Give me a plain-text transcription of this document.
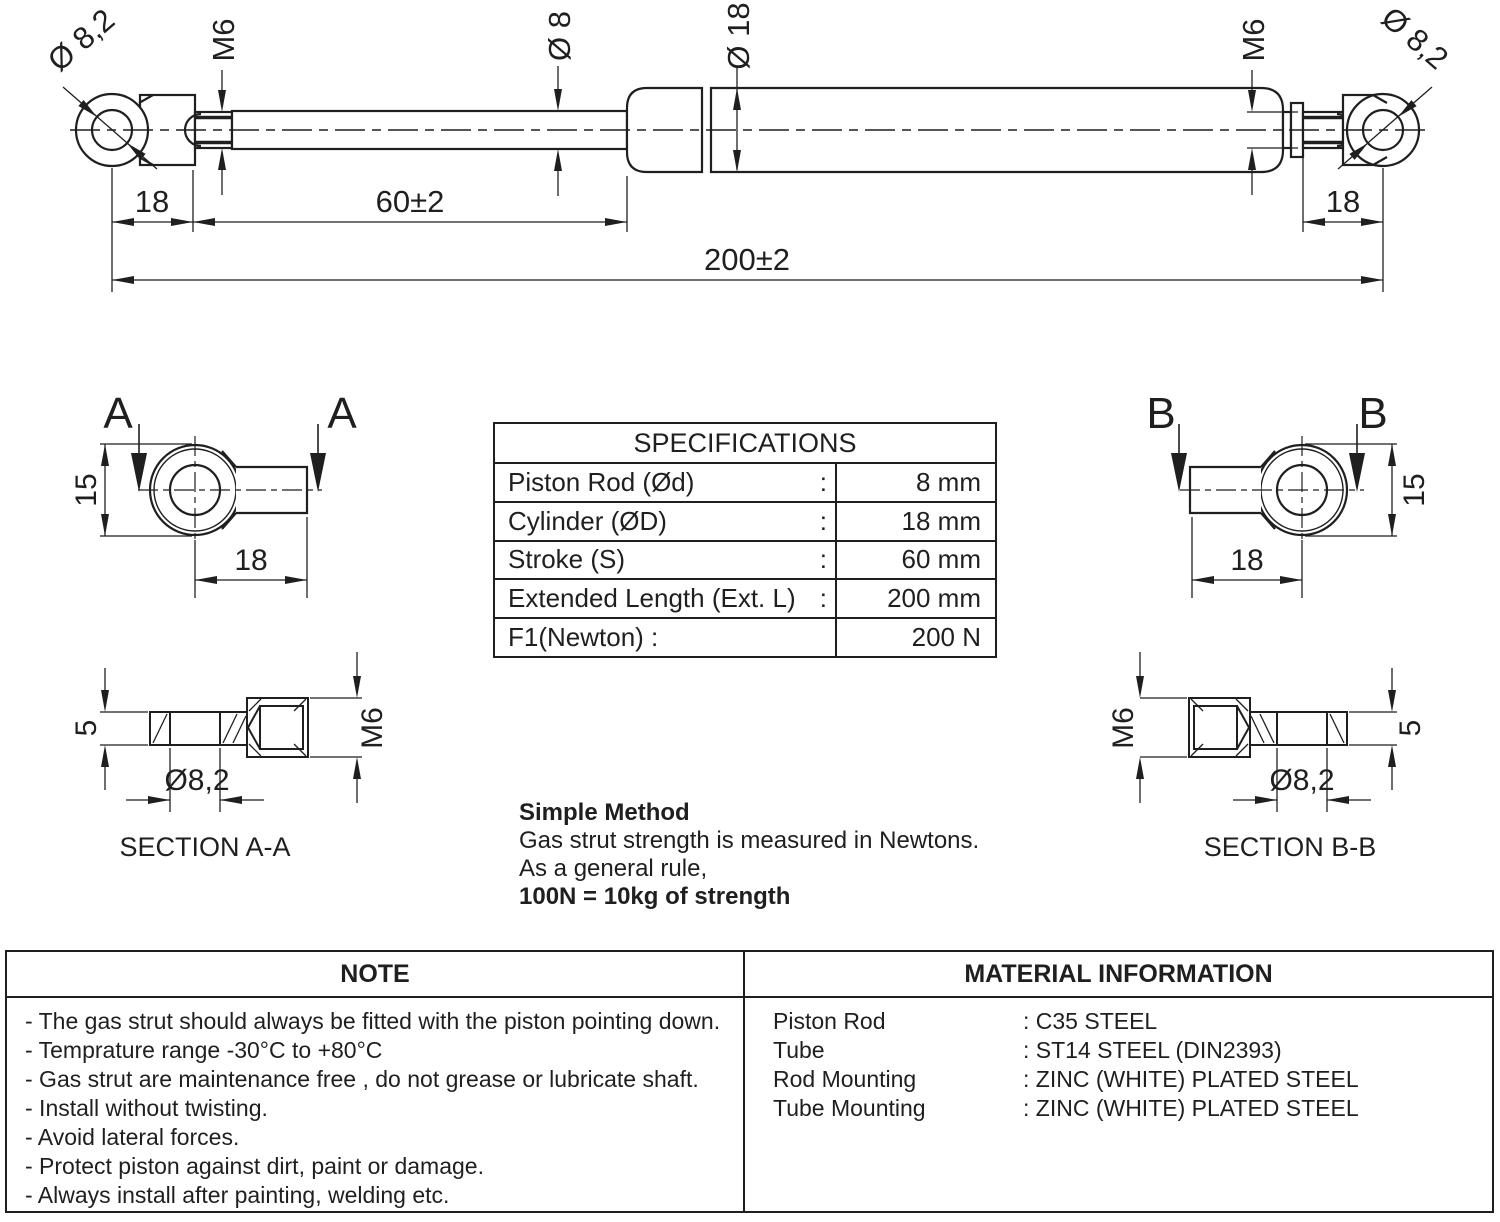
Ø 8,2	M6	Ø 8	Ø 18	M6	Ø 8,2
18	60±2	18
200±2
A	A
15
18
5	M6
Ø8,2
SECTION A-A
B	B
15
18
M6	5
Ø8,2
SECTION B-B
SPECIFICATIONS
Piston Rod (Ød)	:	8 mm
Cylinder (ØD)	:	18 mm
Stroke (S)	:	60 mm
Extended Length (Ext. L) :	200 mm
F1(Newton) :	200 N
Simple Method
Gas strut strength is measured in Newtons.
As a general rule,
100N = 10kg of strength
NOTE	MATERIAL INFORMATION
- The gas strut should always be fitted with the piston pointing down.
- Temprature range -30°C to +80°C
- Gas strut are maintenance free , do not grease or lubricate shaft.
- Install without twisting.
- Avoid lateral forces.
- Protect piston against dirt, paint or damage.
- Always install after painting, welding etc.
Piston Rod	: C35 STEEL
Tube	: ST14 STEEL (DIN2393)
Rod Mounting	: ZINC (WHITE) PLATED STEEL
Tube Mounting	: ZINC (WHITE) PLATED STEEL
